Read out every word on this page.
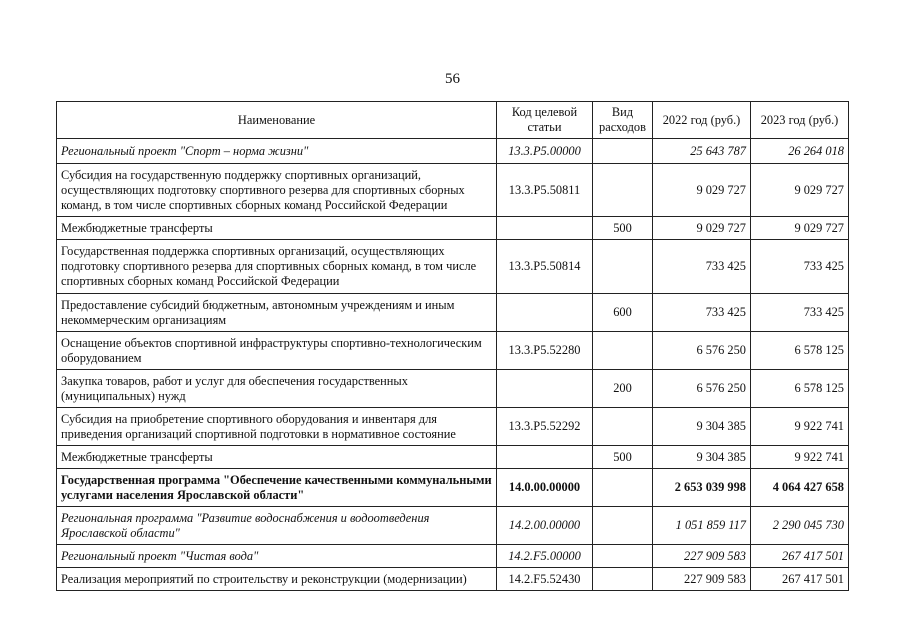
56
Наименование	Код целевой статьи	Вид расходов	2022 год (руб.)	2023 год (руб.)
Региональный проект "Спорт – норма жизни"	13.3.P5.00000		25 643 787	26 264 018
Субсидия на государственную поддержку спортивных организаций, осуществляющих подготовку спортивного резерва для спортивных сборных команд, в том числе спортивных сборных команд Российской Федерации	13.3.P5.50811		9 029 727	9 029 727
Межбюджетные трансферты		500	9 029 727	9 029 727
Государственная поддержка спортивных организаций, осуществляющих подготовку спортивного резерва для спортивных сборных команд, в том числе спортивных сборных команд Российской Федерации	13.3.P5.50814		733 425	733 425
Предоставление субсидий бюджетным, автономным учреждениям и иным некоммерческим организациям		600	733 425	733 425
Оснащение объектов спортивной инфраструктуры спортивно-технологическим оборудованием	13.3.P5.52280		6 576 250	6 578 125
Закупка товаров, работ и услуг для обеспечения государственных (муниципальных) нужд		200	6 576 250	6 578 125
Субсидия на приобретение спортивного оборудования и инвентаря для приведения организаций спортивной подготовки в нормативное состояние	13.3.P5.52292		9 304 385	9 922 741
Межбюджетные трансферты		500	9 304 385	9 922 741
Государственная программа "Обеспечение качественными коммунальными услугами населения Ярославской области"	14.0.00.00000		2 653 039 998	4 064 427 658
Региональная программа "Развитие водоснабжения и водоотведения Ярославской области"	14.2.00.00000		1 051 859 117	2 290 045 730
Региональный проект "Чистая вода"	14.2.F5.00000		227 909 583	267 417 501
Реализация мероприятий по строительству и реконструкции (модернизации)	14.2.F5.52430		227 909 583	267 417 501
